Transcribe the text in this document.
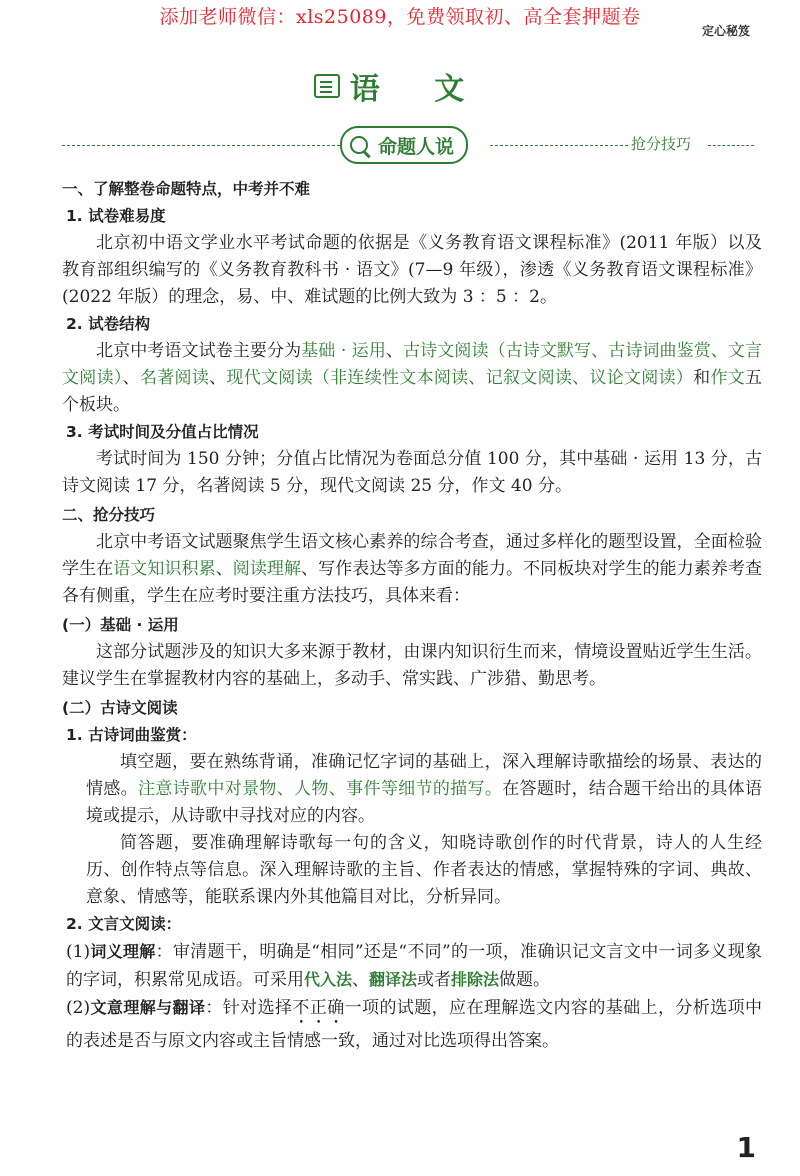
添加老师微信：xls25089，免费领取初、高全套押题卷
定心秘笈
语 文
命题人说	抢分技巧

一、了解整卷命题特点，中考并不难

1. 试卷难易度

北京初中语文学业水平考试命题的依据是《义务教育语文课程标准》(2011 年版）以及教育部组织编写的《义务教育教科书 · 语文》(7—9 年级），渗透《义务教育语文课程标准》(2022 年版）的理念，易、中、难试题的比例大致为 3 ：5 ：2。

2. 试卷结构

北京中考语文试卷主要分为基础 · 运用、古诗文阅读（古诗文默写、古诗词曲鉴赏、文言文阅读）、名著阅读、现代文阅读（非连续性文本阅读、记叙文阅读、议论文阅读）和作文五个板块。

3. 考试时间及分值占比情况

考试时间为 150 分钟；分值占比情况为卷面总分值 100 分，其中基础 · 运用 13 分，古诗文阅读 17 分，名著阅读 5 分，现代文阅读 25 分，作文 40 分。

二、抢分技巧

北京中考语文试题聚焦学生语文核心素养的综合考查，通过多样化的题型设置，全面检验学生在语文知识积累、阅读理解、写作表达等多方面的能力。不同板块对学生的能力素养考查各有侧重，学生在应考时要注重方法技巧，具体来看：

(一）基础 · 运用

这部分试题涉及的知识大多来源于教材，由课内知识衍生而来，情境设置贴近学生生活。建议学生在掌握教材内容的基础上，多动手、常实践、广涉猎、勤思考。

(二）古诗文阅读

1. 古诗词曲鉴赏：

填空题，要在熟练背诵，准确记忆字词的基础上，深入理解诗歌描绘的场景、表达的情感。注意诗歌中对景物、人物、事件等细节的描写。在答题时，结合题干给出的具体语境或提示，从诗歌中寻找对应的内容。

简答题，要准确理解诗歌每一句的含义，知晓诗歌创作的时代背景，诗人的人生经历、创作特点等信息。深入理解诗歌的主旨、作者表达的情感，掌握特殊的字词、典故、意象、情感等，能联系课内外其他篇目对比，分析异同。

2. 文言文阅读：

(1)词义理解：审清题干，明确是“相同”还是“不同”的一项，准确识记文言文中一词多义现象的字词，积累常见成语。可采用代入法、翻译法或者排除法做题。

(2)文意理解与翻译：针对选择不正确一项的试题，应在理解选文内容的基础上，分析选项中的表述是否与原文内容或主旨情感一致，通过对比选项得出答案。

1
